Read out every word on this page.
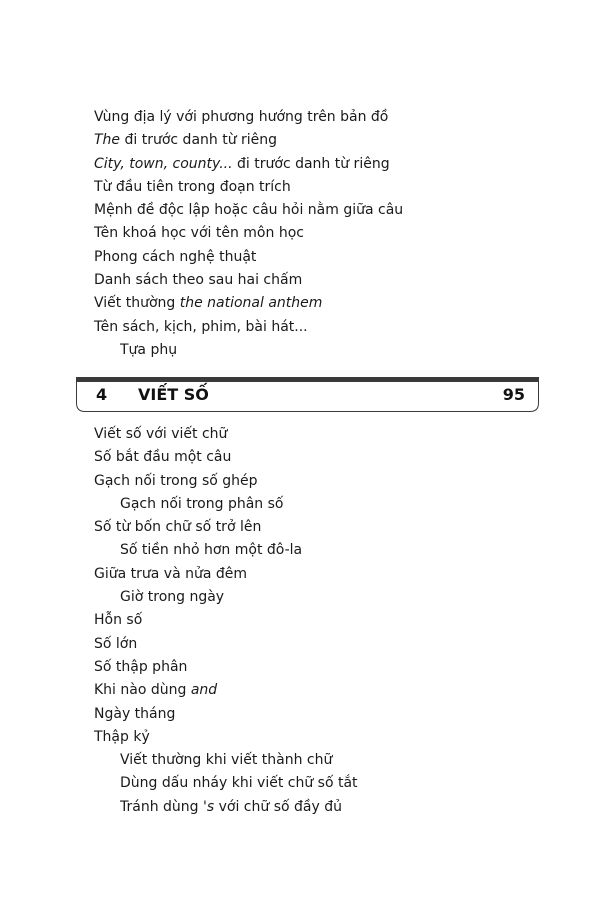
Vùng địa lý với phương hướng trên bản đồ
The đi trước danh từ riêng
City, town, county... đi trước danh từ riêng
Từ đầu tiên trong đoạn trích
Mệnh đề độc lập hoặc câu hỏi nằm giữa câu
Tên khoá học với tên môn học
Phong cách nghệ thuật
Danh sách theo sau hai chấm
Viết thường the national anthem
Tên sách, kịch, phim, bài hát...
Tựa phụ
4 VIẾT SỐ	95
Viết số với viết chữ
Số bắt đầu một câu
Gạch nối trong số ghép
Gạch nối trong phân số
Số từ bốn chữ số trở lên
Số tiền nhỏ hơn một đô-la
Giữa trưa và nửa đêm
Giờ trong ngày
Hỗn số
Số lớn
Số thập phân
Khi nào dùng and
Ngày tháng
Thập kỷ
Viết thường khi viết thành chữ
Dùng dấu nháy khi viết chữ số tắt
Tránh dùng 's với chữ số đầy đủ
